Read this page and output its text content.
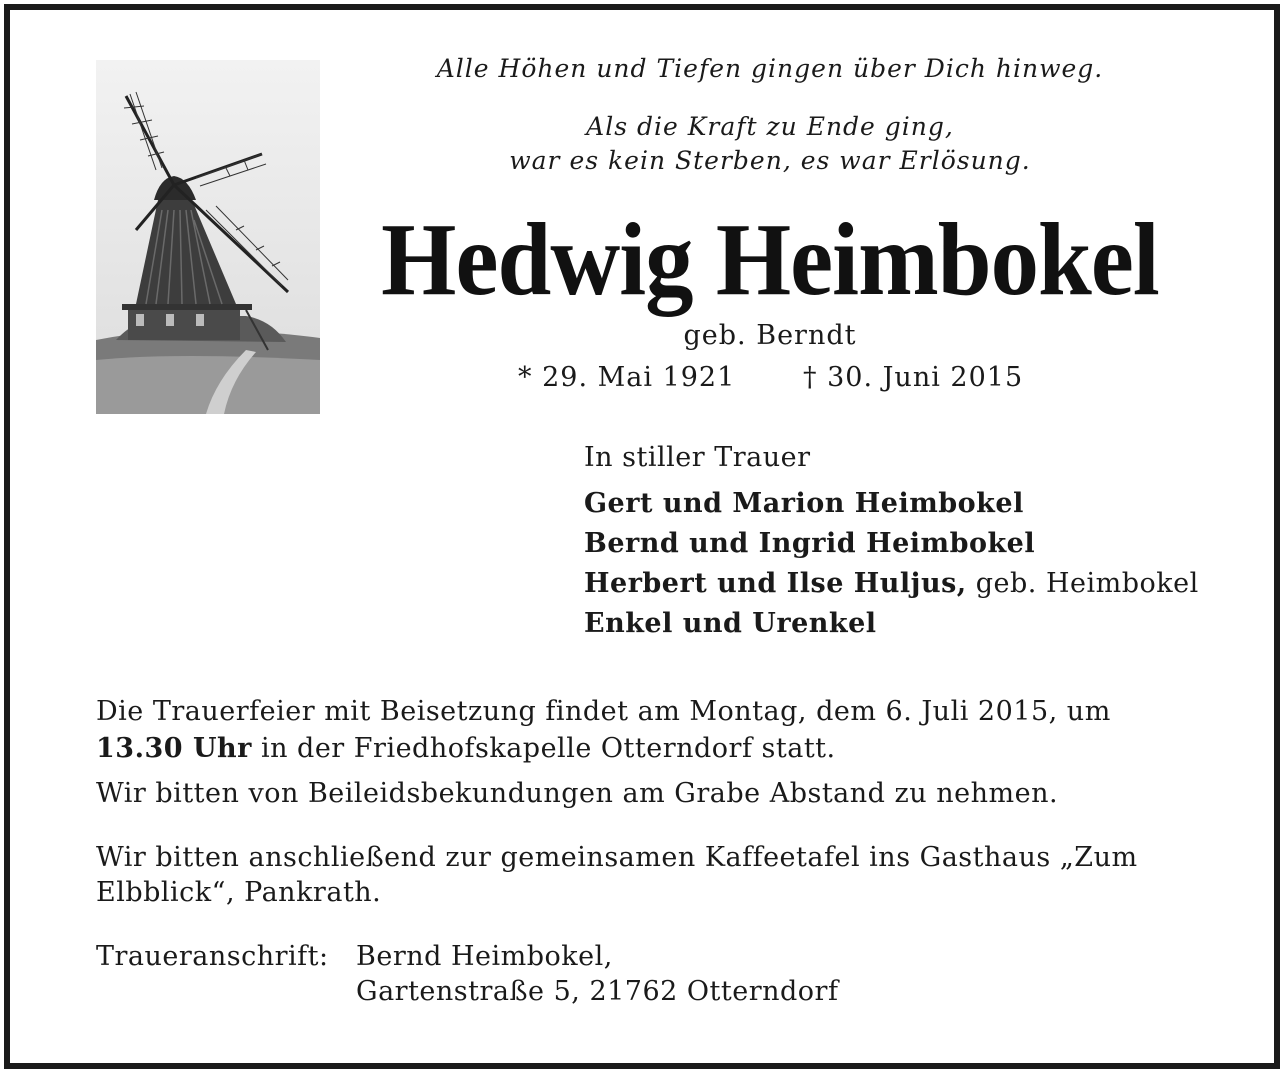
Alle Höhen und Tiefen gingen über Dich hinweg.
Als die Kraft zu Ende ging,
war es kein Sterben, es war Erlösung.
Hedwig Heimbokel
geb. Berndt
* 29. Mai 1921	† 30. Juni 2015
In stiller Trauer
Gert und Marion Heimbokel
Bernd und Ingrid Heimbokel
Herbert und Ilse Huljus, geb. Heimbokel
Enkel und Urenkel
Die Trauerfeier mit Beisetzung findet am Montag, dem 6. Juli 2015, um
13.30 Uhr in der Friedhofskapelle Otterndorf statt.
Wir bitten von Beileidsbekundungen am Grabe Abstand zu nehmen.
Wir bitten anschließend zur gemeinsamen Kaffeetafel ins Gasthaus „Zum
Elbblick“, Pankrath.
Traueranschrift:	Bernd Heimbokel,
Gartenstraße 5, 21762 Otterndorf
